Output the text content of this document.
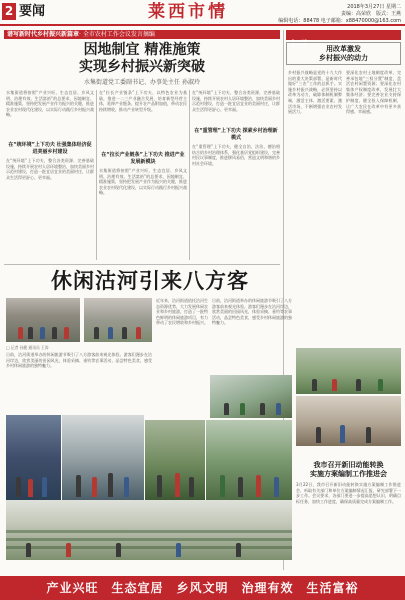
2 要闻	莱西市情	2018年3月27日 星期二
责编：高荣欣　版式：王燕
编辑电话：88478 电子邮箱：x88470000@163.com
谱写新时代乡村振兴新篇章· 全市农村工作会议发言摘编
因地制宜 精准施策
实现乡村振兴新突破
水集街道党工委副书记、办事处主任 孙淑玲
水集街道将按照“产业兴旺、生态宜居、乡风文明、治理有效、生活富裕”的总要求，因地制宜、精准施策，坚持把发展产业作为振兴的关键，推进农业农村现代化建设，以实际行动践行乡村振兴战略。
在“统环境”上下功夫 壮强集体经济促进美丽乡村建设
在“统环境”上下功夫，整合各类资源，完善基础设施，持续开展农村人居环境整治，加快美丽乡村示范村建设，打造一批宜居宜业的美丽村庄，让群众生活得更舒心、更幸福。
在“拉长产业链条”上下功夫，以特色农业为基础，推进一二三产业融合发展，培育新型经营主体，延伸产业链条，提升农产品附加值，带动农民持续增收，推动产业转型升级。
在“拉长产业链条”上下功夫 推进产业发展新模块
水集街道将按照“产业兴旺、生态宜居、乡风文明、治理有效、生活富裕”的总要求，因地制宜、精准施策，坚持把发展产业作为振兴的关键，推进农业农村现代化建设，以实际行动践行乡村振兴战略。
在“统环境”上下功夫，整合各类资源，完善基础设施，持续开展农村人居环境整治，加快美丽乡村示范村建设，打造一批宜居宜业的美丽村庄，让群众生活得更舒心、更幸福。
在“重管理”上下功夫 探索乡村治理新模式
在“重管理”上下功夫，健全自治、法治、德治相结合的乡村治理体系，强化基层党组织建设，完善村民议事制度，推进移风易俗，营造文明和谐的乡村社会环境。
今日谈
用改革激发
乡村振兴的动力
乡村振兴战略是党的十九大作出的重大决策部署，是新时代做好“三农”工作的总抓手。实施乡村振兴战略，必须坚持以改革为动力，破除体制机制弊端，激活主体、激活要素、激活市场，不断增强农业农村发展活力。
要深化农村土地制度改革，完善承包地“三权分置”制度，盘活农村闲置资源；要深化农村集体产权制度改革，发展壮大集体经济；要完善农业支持保护制度，健全投入保障机制，让广大农民在改革中有更多获得感、幸福感。
休闲沽河引来八方客
□ 记者 孙健 通讯员 王涛
日前，沽河街道举办的休闲旅游节吸引了八方游客前来观光体验。游客们漫步在沽河岸边，欣赏美丽的田园风光，体验采摘、垂钓等农事活动，品尝特色美食，感受乡村休闲旅游的独特魅力。
近年来，沽河街道依托沽河生态资源优势，大力发展休闲农业和乡村旅游，打造了一批特色鲜明的休闲旅游项目，有力带动了农民增收和乡村振兴。
日前，沽河街道举办的休闲旅游节吸引了八方游客前来观光体验。游客们漫步在沽河岸边，欣赏美丽的田园风光，体验采摘、垂钓等农事活动，品尝特色美食，感受乡村休闲旅游的独特魅力。
我市召开新旧动能转换
实施方案编制工作推进会
3月22日，我市召开新旧动能转换实施方案编制工作推进会，听取有关部门和单位方案编制情况汇报，研究部署下一步工作。会议要求，各部门要进一步提高思想认识，明确目标任务，加快工作进度，确保高质量完成方案编制工作。
产业兴旺　生态宜居　乡风文明　治理有效　生活富裕
